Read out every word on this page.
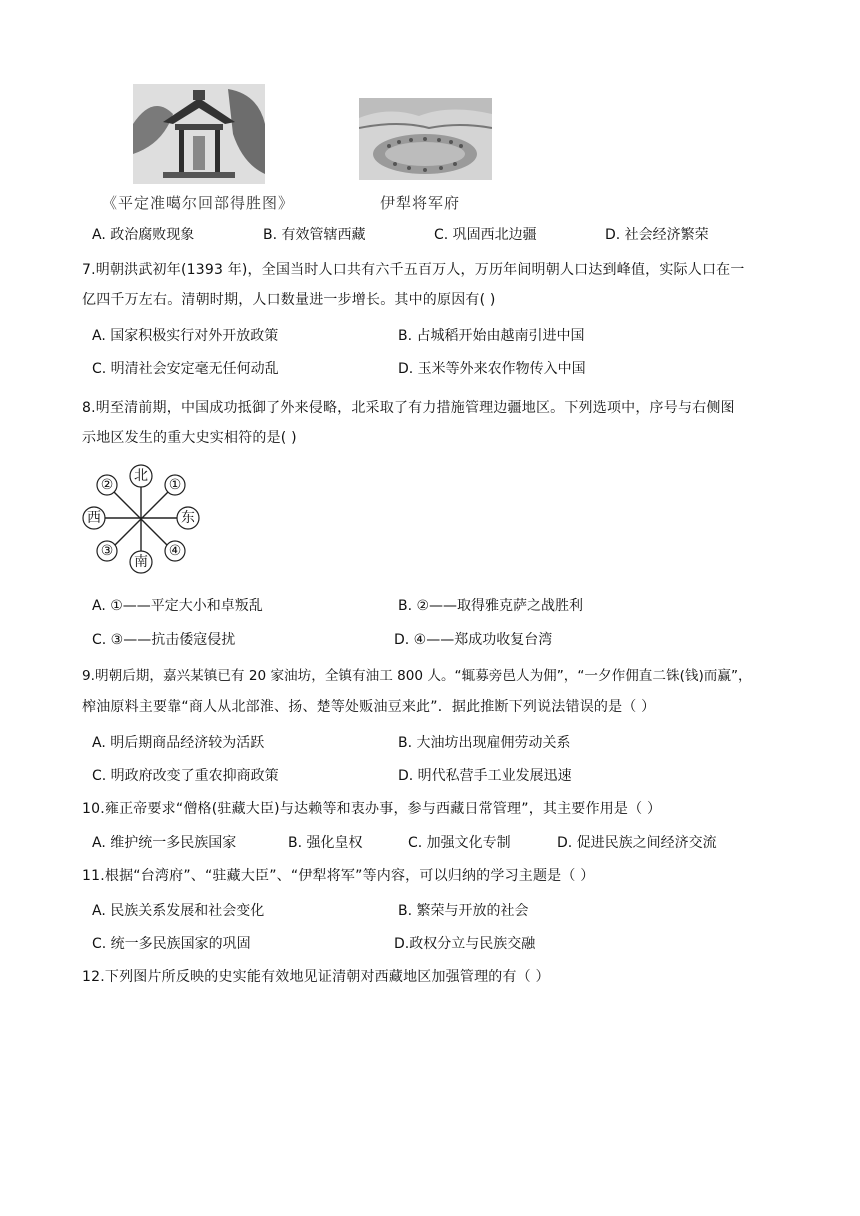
《平定准噶尔回部得胜图》	伊犁将军府
A. 政治腐败现象	B. 有效管辖西藏	C. 巩固西北边疆	D. 社会经济繁荣
7.明朝洪武初年(1393 年)，全国当时人口共有六千五百万人，万历年间明朝人口达到峰值，实际人口在一
亿四千万左右。清朝时期，人口数量进一步增长。其中的原因有( )
A. 国家积极实行对外开放政策	B. 占城稻开始由越南引进中国
C. 明清社会安定毫无任何动乱	D. 玉米等外来农作物传入中国
8.明至清前期，中国成功抵御了外来侵略，北采取了有力措施管理边疆地区。下列选项中，序号与右侧图
示地区发生的重大史实相符的是( )
北
南
西	东
①
②
③	④
A. ①——平定大小和卓叛乱	B. ②——取得雅克萨之战胜利
C. ③——抗击倭寇侵扰	D. ④——郑成功收复台湾
9.明朝后期，嘉兴某镇已有 20 家油坊，全镇有油工 800 人。“辄募旁邑人为佣”，“一夕作佣直二铢(钱)而赢”，
榨油原料主要靠“商人从北部淮、扬、楚等处贩油豆来此”．据此推断下列说法错误的是（ ）
A. 明后期商品经济较为活跃	B. 大油坊出现雇佣劳动关系
C. 明政府改变了重农抑商政策	D. 明代私营手工业发展迅速
10.雍正帝要求“僧格(驻藏大臣)与达赖等和衷办事，参与西藏日常管理”，其主要作用是（ ）
A. 维护统一多民族国家	B. 强化皇权	C. 加强文化专制	D. 促进民族之间经济交流
11.根据“台湾府”、“驻藏大臣”、“伊犁将军”等内容，可以归纳的学习主题是（ ）
A. 民族关系发展和社会变化	B. 繁荣与开放的社会
C. 统一多民族国家的巩固	D.政权分立与民族交融
12.下列图片所反映的史实能有效地见证清朝对西藏地区加强管理的有（ ）
